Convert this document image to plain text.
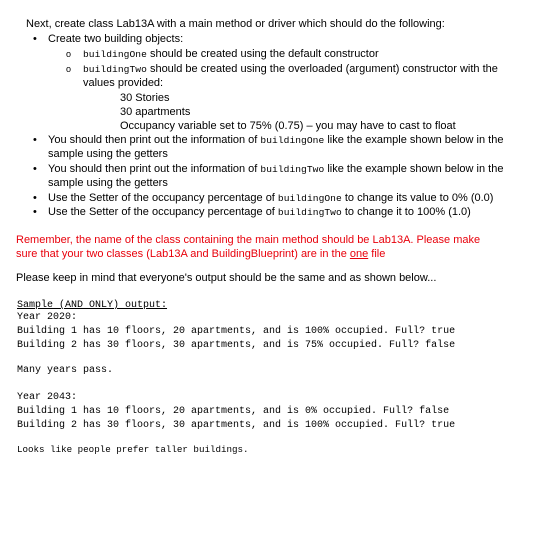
Next, create class Lab13A with a main method or driver which should do the following:
• Create two building objects:
o buildingOne should be created using the default constructor
o buildingTwo should be created using the overloaded (argument) constructor with the
values provided:
30 Stories
30 apartments
Occupancy variable set to 75% (0.75) – you may have to cast to float
• You should then print out the information of buildingOne like the example shown below in the
sample using the getters
• You should then print out the information of buildingTwo like the example shown below in the
sample using the getters
• Use the Setter of the occupancy percentage of buildingOne to change its value to 0% (0.0)
• Use the Setter of the occupancy percentage of buildingTwo to change it to 100% (1.0)
Remember, the name of the class containing the main method should be Lab13A. Please make
sure that your two classes (Lab13A and BuildingBlueprint) are in the one file
Please keep in mind that everyone's output should be the same and as shown below...
Sample (AND ONLY) output:
Year 2020:
Building 1 has 10 floors, 20 apartments, and is 100% occupied. Full? true
Building 2 has 30 floors, 30 apartments, and is 75% occupied. Full? false
Many years pass.
Year 2043:
Building 1 has 10 floors, 20 apartments, and is 0% occupied. Full? false
Building 2 has 30 floors, 30 apartments, and is 100% occupied. Full? true
Looks like people prefer taller buildings.
